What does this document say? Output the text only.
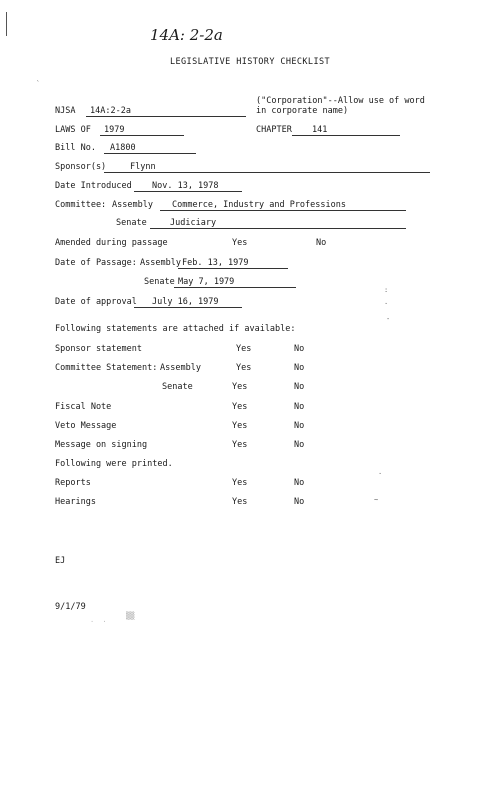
14A: 2-2a
LEGISLATIVE HISTORY CHECKLIST
`
NJSA 14A:2-2a
("Corporation"--Allow use of word in corporate name)
LAWS OF 1979	CHAPTER 141
Bill No. A1800
Sponsor(s)	Flynn
Date Introduced Nov. 13, 1978
Committee: Assembly Commerce, Industry and Professions
Senate	Judiciary
Amended during passage	Yes	No
Date of Passage: Assembly Feb. 13, 1979
Senate May 7, 1979
Date of approval July 16, 1979
:
·
-
Following statements are attached if available:
Sponsor statement	Yes	No
Committee Statement: Assembly	Yes	No
Senate	Yes	No
Fiscal Note	Yes	No
Veto Message	Yes	No
Message on signing	Yes	No
Following were printed.
Reports	Yes	No
Hearings	Yes	No
·
~
EJ
9/1/79
· ·
▒▒
